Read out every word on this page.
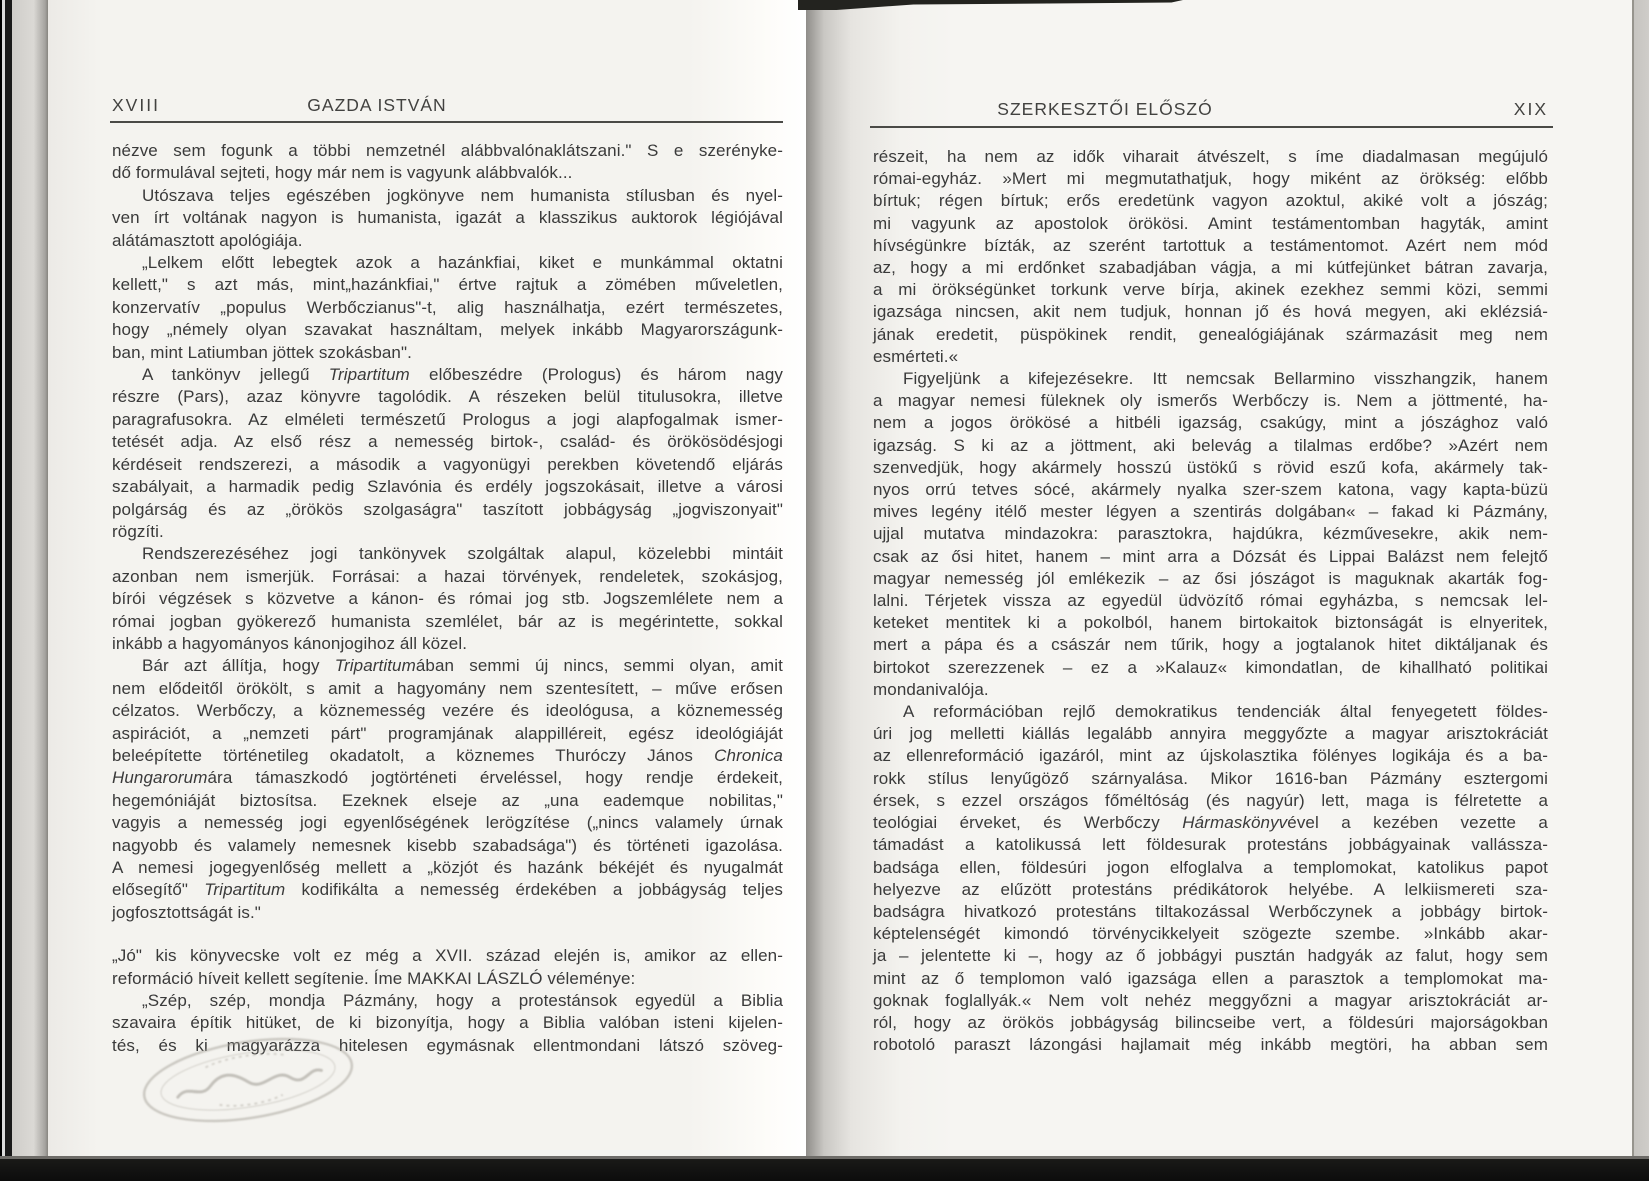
XVIII	GAZDA ISTVÁN	SZERKESZTŐI ELŐSZÓ	XIX
nézve sem fogunk a többi nemzetnél alábbvalónaklátszani." S e szerényke-
dő formulával sejteti, hogy már nem is vagyunk alábbvalók...
Utószava teljes egészében jogkönyve nem humanista stílusban és nyel-
ven írt voltának nagyon is humanista, igazát a klasszikus auktorok légiójával
alátámasztott apológiája.
„Lelkem előtt lebegtek azok a hazánkfiai, kiket e munkámmal oktatni
kellett," s azt más, mint„hazánkfiai," értve rajtuk a zömében műveletlen,
konzervatív „populus Werbőczianus"-t, alig használhatja, ezért természetes,
hogy „némely olyan szavakat használtam, melyek inkább Magyarországunk-
ban, mint Latiumban jöttek szokásban".
A tankönyv jellegű Tripartitum előbeszédre (Prologus) és három nagy
részre (Pars), azaz könyvre tagolódik. A részeken belül titulusokra, illetve
paragrafusokra. Az elméleti természetű Prologus a jogi alapfogalmak ismer-
tetését adja. Az első rész a nemesség birtok-, család- és örökösödésjogi
kérdéseit rendszerezi, a második a vagyonügyi perekben követendő eljárás
szabályait, a harmadik pedig Szlavónia és erdély jogszokásait, illetve a városi
polgárság és az „örökös szolgaságra" taszított jobbágyság „jogviszonyait"
rögzíti.
Rendszerezéséhez jogi tankönyvek szolgáltak alapul, közelebbi mintáit
azonban nem ismerjük. Forrásai: a hazai törvények, rendeletek, szokásjog,
bírói végzések s közvetve a kánon- és római jog stb. Jogszemlélete nem a
római jogban gyökerező humanista szemlélet, bár az is megérintette, sokkal
inkább a hagyományos kánonjogihoz áll közel.
Bár azt állítja, hogy Tripartitumában semmi új nincs, semmi olyan, amit
nem elődeitől örökölt, s amit a hagyomány nem szentesített, – műve erősen
célzatos. Werbőczy, a köznemesség vezére és ideológusa, a köznemesség
aspirációt, a „nemzeti párt" programjának alappilléreit, egész ideológiáját
beleépítette történetileg okadatolt, a köznemes Thuróczy János Chronica
Hungarorumára támaszkodó jogtörténeti érveléssel, hogy rendje érdekeit,
hegemóniáját biztosítsa. Ezeknek elseje az „una eademque nobilitas,"
vagyis a nemesség jogi egyenlőségének lerögzítése („nincs valamely úrnak
nagyobb és valamely nemesnek kisebb szabadsága") és történeti igazolása.
A nemesi jogegyenlőség mellett a „közjót és hazánk békéjét és nyugalmát
elősegítő" Tripartitum kodifikálta a nemesség érdekében a jobbágyság teljes
jogfosztottságát is."
„Jó" kis könyvecske volt ez még a XVII. század elején is, amikor az ellen-
reformáció híveit kellett segítenie. Íme MAKKAI LÁSZLÓ véleménye:
„Szép, szép, mondja Pázmány, hogy a protestánsok egyedül a Biblia
szavaira építik hitüket, de ki bizonyítja, hogy a Biblia valóban isteni kijelen-
tés, és ki magyarázza hitelesen egymásnak ellentmondani látszó szöveg-
részeit, ha nem az idők viharait átvészelt, s íme diadalmasan megújuló
római-egyház. »Mert mi megmutathatjuk, hogy miként az örökség: előbb
bírtuk; régen bírtuk; erős eredetünk vagyon azoktul, akiké volt a jószág;
mi vagyunk az apostolok örökösi. Amint testámentomban hagyták, amint
hívségünkre bízták, az szerént tartottuk a testámentomot. Azért nem mód
az, hogy a mi erdőnket szabadjában vágja, a mi kútfejünket bátran zavarja,
a mi örökségünket torkunk verve bírja, akinek ezekhez semmi közi, semmi
igazsága nincsen, akit nem tudjuk, honnan jő és hová megyen, aki eklézsiá-
jának eredetit, püspökinek rendit, genealógiájának származásit meg nem
esmérteti.«
Figyeljünk a kifejezésekre. Itt nemcsak Bellarmino visszhangzik, hanem
a magyar nemesi füleknek oly ismerős Werbőczy is. Nem a jöttmenté, ha-
nem a jogos örökösé a hitbéli igazság, csakúgy, mint a jószághoz való
igazság. S ki az a jöttment, aki belevág a tilalmas erdőbe? »Azért nem
szenvedjük, hogy akármely hosszú üstökű s rövid eszű kofa, akármely tak-
nyos orrú tetves sócé, akármely nyalka szer-szem katona, vagy kapta-büzü
mives legény itélő mester légyen a szentirás dolgában« – fakad ki Pázmány,
ujjal mutatva mindazokra: parasztokra, hajdúkra, kézművesekre, akik nem-
csak az ősi hitet, hanem – mint arra a Dózsát és Lippai Balázst nem felejtő
magyar nemesség jól emlékezik – az ősi jószágot is maguknak akarták fog-
lalni. Térjetek vissza az egyedül üdvözítő római egyházba, s nemcsak lel-
keteket mentitek ki a pokolból, hanem birtokaitok biztonságát is elnyeritek,
mert a pápa és a császár nem tűrik, hogy a jogtalanok hitet diktáljanak és
birtokot szerezzenek – ez a »Kalauz« kimondatlan, de kihallható politikai
mondanivalója.
A reformációban rejlő demokratikus tendenciák által fenyegetett földes-
úri jog melletti kiállás legalább annyira meggyőzte a magyar arisztokráciát
az ellenreformáció igazáról, mint az újskolasztika fölényes logikája és a ba-
rokk stílus lenyűgöző szárnyalása. Mikor 1616-ban Pázmány esztergomi
érsek, s ezzel országos főméltóság (és nagyúr) lett, maga is félretette a
teológiai érveket, és Werbőczy Hármaskönyvével a kezében vezette a
támadást a katolikussá lett földesurak protestáns jobbágyainak vallássza-
badsága ellen, földesúri jogon elfoglalva a templomokat, katolikus papot
helyezve az elűzött protestáns prédikátorok helyébe. A lelkiismereti sza-
badságra hivatkozó protestáns tiltakozással Werbőczynek a jobbágy birtok-
képtelenségét kimondó törvénycikkelyeit szögezte szembe. »Inkább akar-
ja – jelentette ki –, hogy az ő jobbágyi pusztán hadgyák az falut, hogy sem
mint az ő templomon való igazsága ellen a parasztok a templomokat ma-
goknak foglallyák.« Nem volt nehéz meggyőzni a magyar arisztokráciát ar-
ról, hogy az örökös jobbágyság bilincseibe vert, a földesúri majorságokban
robotoló paraszt lázongási hajlamait még inkább megtöri, ha abban sem
